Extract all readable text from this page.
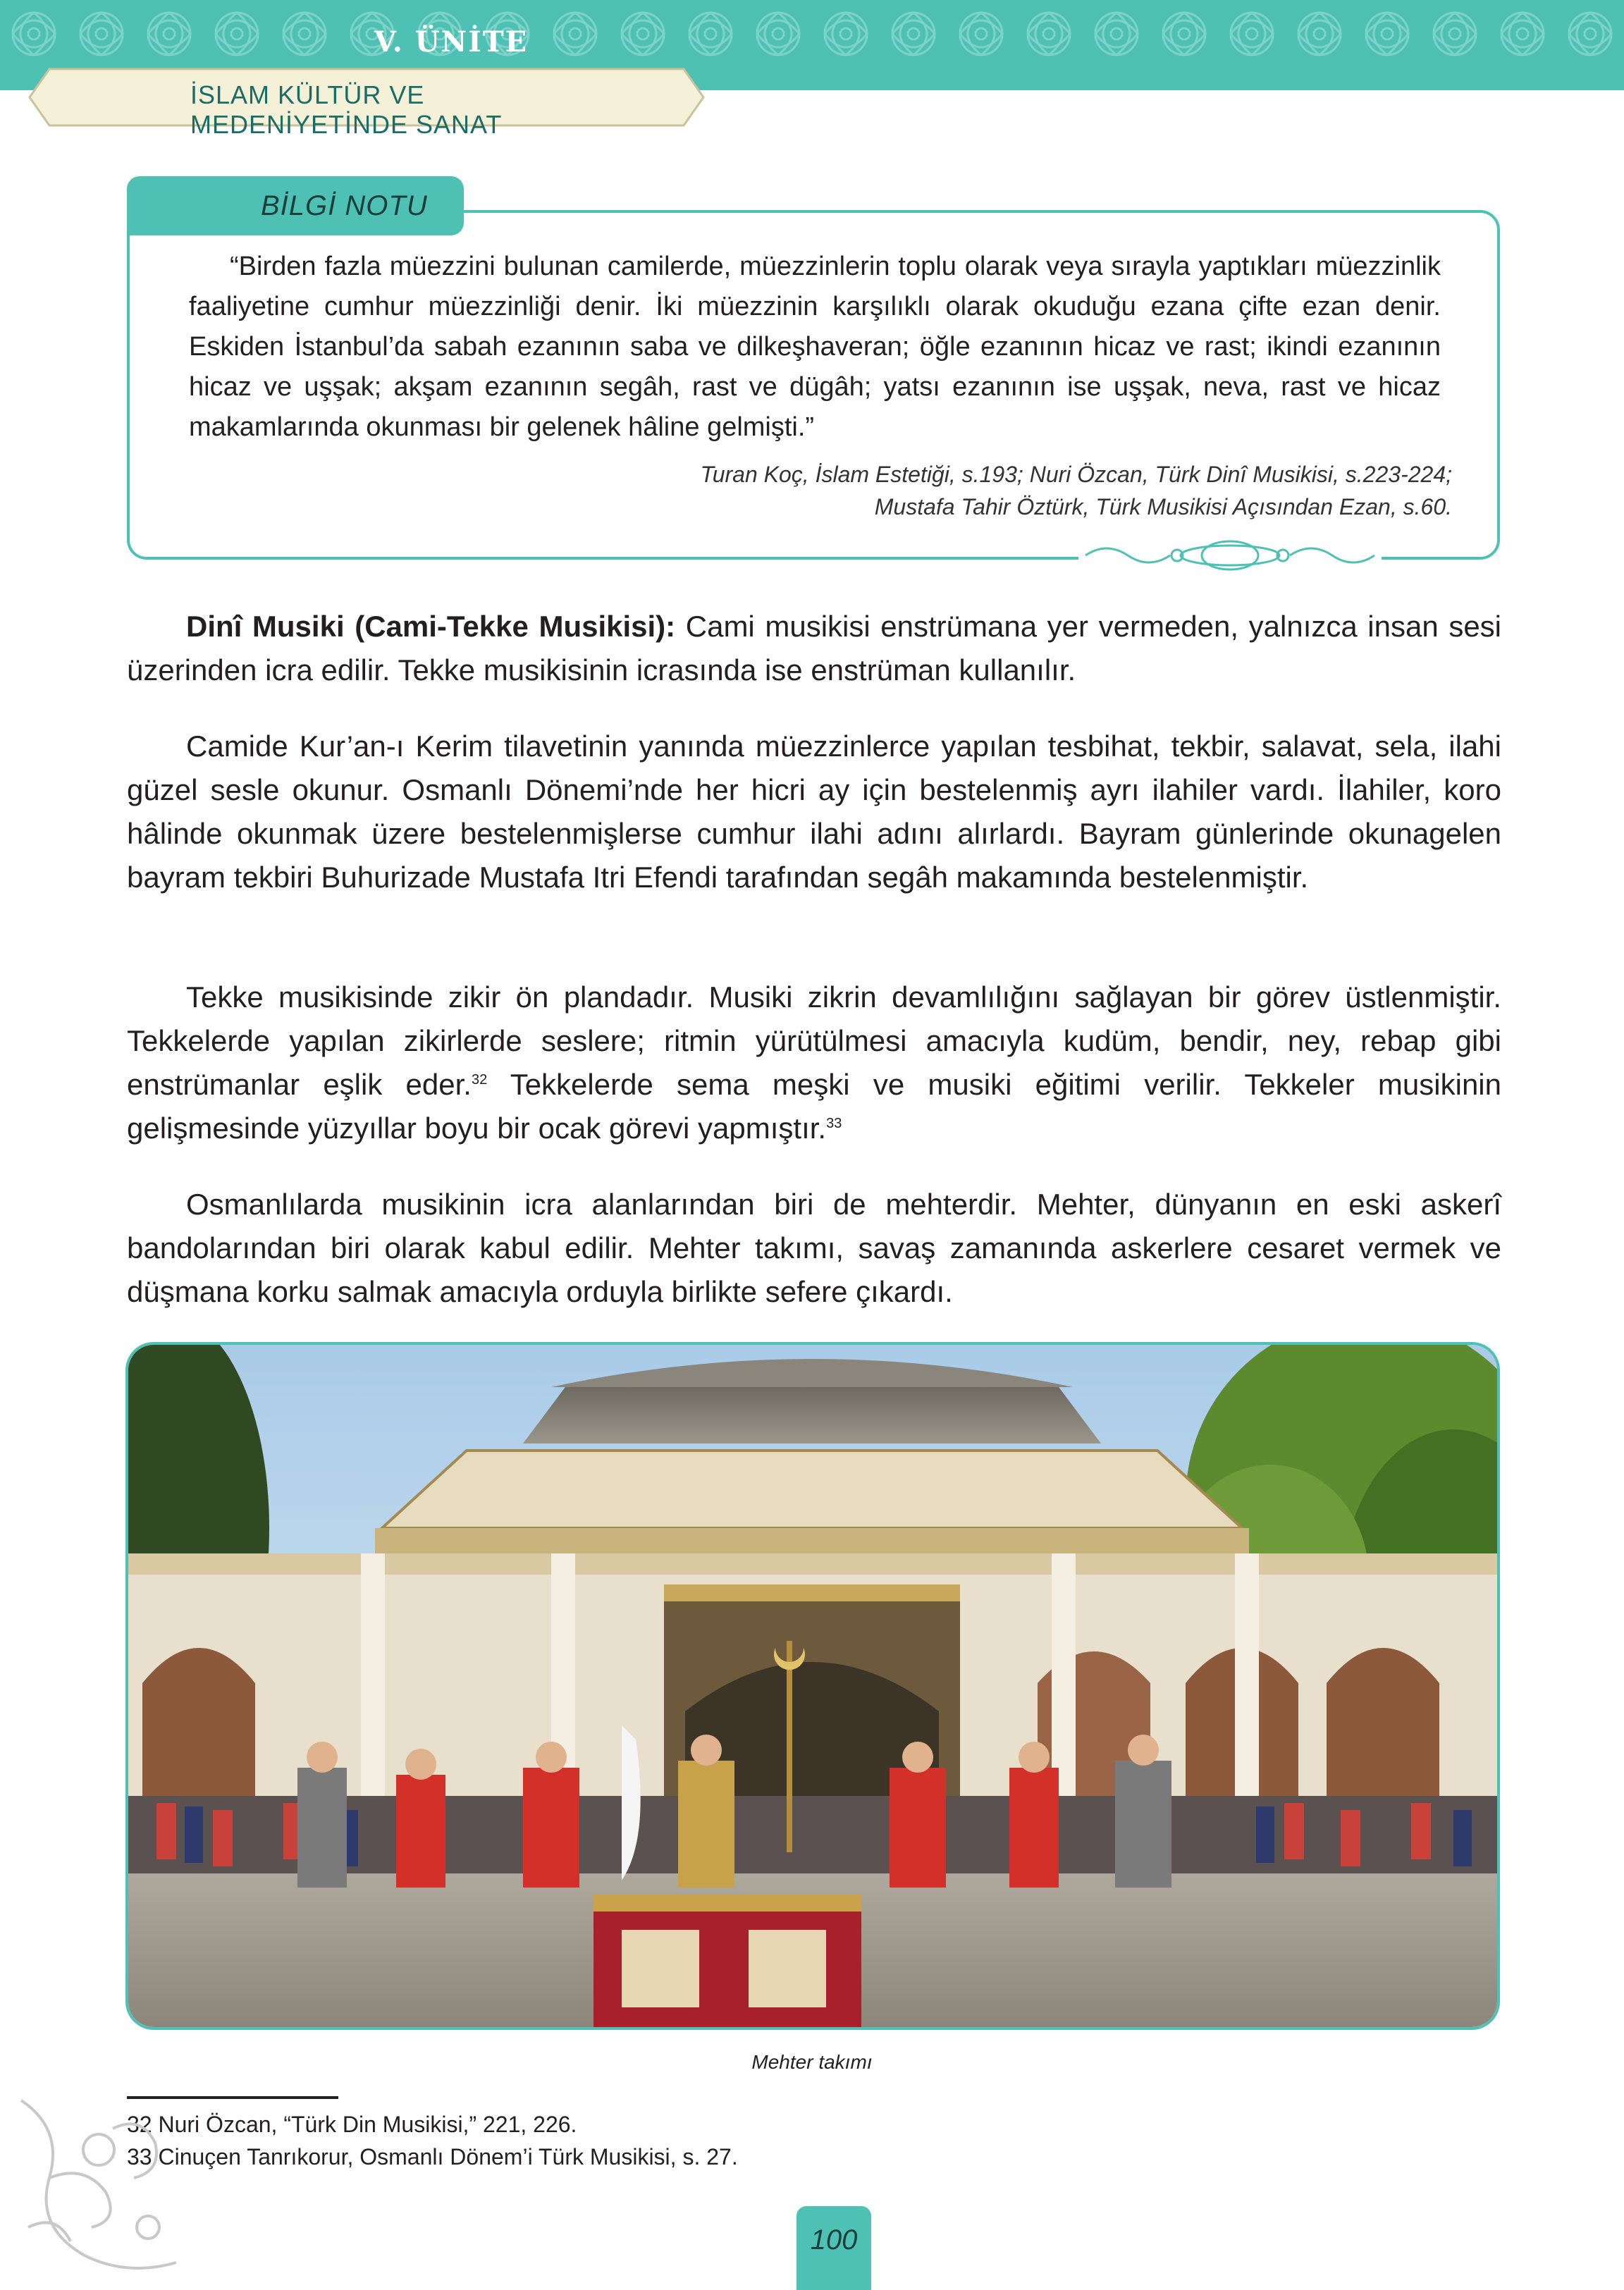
V. ÜNİTE
İSLAM KÜLTÜR VE MEDENİYETİNDE SANAT
BİLGİ NOTU
“Birden fazla müezzini bulunan camilerde, müezzinlerin toplu olarak veya sırayla yaptıkları müezzinlik faaliyetine cumhur müezzinliği denir. İki müezzinin karşılıklı olarak okuduğu ezana çifte ezan denir. Eskiden İstanbul’da sabah ezanının saba ve dilkeşhaveran; öğle ezanının hicaz ve rast; ikindi ezanının hicaz ve uşşak; akşam ezanının segâh, rast ve dügâh; yatsı ezanının ise uşşak, neva, rast ve hicaz makamlarında okunması bir gelenek hâline gelmişti.”
Turan Koç, İslam Estetiği, s.193; Nuri Özcan, Türk Dinî Musikisi, s.223-224;
Mustafa Tahir Öztürk, Türk Musikisi Açısından Ezan, s.60.
Dinî Musiki (Cami-Tekke Musikisi): Cami musikisi enstrümana yer vermeden, yalnızca insan sesi üzerinden icra edilir. Tekke musikisinin icrasında ise enstrüman kullanılır.
Camide Kur’an-ı Kerim tilavetinin yanında müezzinlerce yapılan tesbihat, tekbir, salavat, sela, ilahi güzel sesle okunur. Osmanlı Dönemi’nde her hicri ay için bestelenmiş ayrı ilahiler vardı. İlahiler, koro hâlinde okunmak üzere bestelenmişlerse cumhur ilahi adını alırlardı. Bayram günlerinde okunagelen bayram tekbiri Buhurizade Mustafa Itri Efendi tarafından segâh makamında bestelenmiştir.
Tekke musikisinde zikir ön plandadır. Musiki zikrin devamlılığını sağlayan bir görev üstlenmiştir. Tekkelerde yapılan zikirlerde seslere; ritmin yürütülmesi amacıyla kudüm, bendir, ney, rebap gibi enstrümanlar eşlik eder.$^{32}$ Tekkelerde sema meşki ve musiki eğitimi verilir. Tekkeler musikinin gelişmesinde yüzyıllar boyu bir ocak görevi yapmıştır.$^{33}$
Osmanlılarda musikinin icra alanlarından biri de mehterdir. Mehter, dünyanın en eski askerî bandolarından biri olarak kabul edilir. Mehter takımı, savaş zamanında askerlere cesaret vermek ve düşmana korku salmak amacıyla orduyla birlikte sefere çıkardı.
Mehter takımı
32 Nuri Özcan, “Türk Din Musikisi,” 221, 226.
33 Cinuçen Tanrıkorur, Osmanlı Dönem’i Türk Musikisi, s. 27.
100
